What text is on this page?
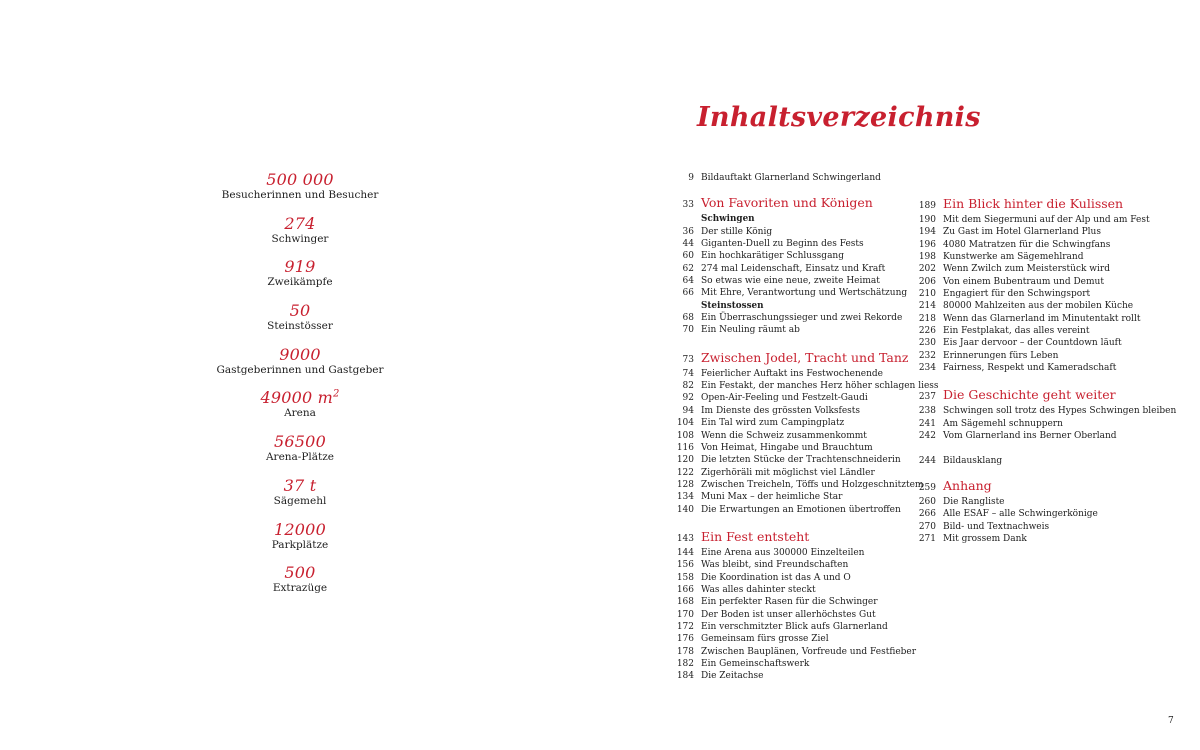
500 000
Besucherinnen und Besucher
274
Schwinger
919
Zweikämpfe
50
Steinstösser
9000
Gastgeberinnen und Gastgeber
49000 $m^2$
Arena
56500
Arena-Plätze
37 t
Sägemehl
12000
Parkplätze
500
Extrazüge
Inhaltsverzeichnis
9 Bildauftakt Glarnerland Schwingerland
33 Von Favoriten und Königen
Schwingen
36 Der stille König
44 Giganten-Duell zu Beginn des Fests
60 Ein hochkarätiger Schlussgang
62 274 mal Leidenschaft, Einsatz und Kraft
64 So etwas wie eine neue, zweite Heimat
66 Mit Ehre, Verantwortung und Wertschätzung
Steinstossen
68 Ein Überraschungssieger und zwei Rekorde
70 Ein Neuling räumt ab
73 Zwischen Jodel, Tracht und Tanz
74 Feierlicher Auftakt ins Festwochenende
82 Ein Festakt, der manches Herz höher schlagen liess
92 Open-Air-Feeling und Festzelt-Gaudi
94 Im Dienste des grössten Volksfests
104 Ein Tal wird zum Campingplatz
108 Wenn die Schweiz zusammenkommt
116 Von Heimat, Hingabe und Brauchtum
120 Die letzten Stücke der Trachtenschneiderin
122 Zigerhöräli mit möglichst viel Ländler
128 Zwischen Treicheln, Töffs und Holzgeschnitztem
134 Muni Max – der heimliche Star
140 Die Erwartungen an Emotionen übertroffen
143 Ein Fest entsteht
144 Eine Arena aus 300000 Einzelteilen
156 Was bleibt, sind Freundschaften
158 Die Koordination ist das A und O
166 Was alles dahinter steckt
168 Ein perfekter Rasen für die Schwinger
170 Der Boden ist unser allerhöchstes Gut
172 Ein verschmitzter Blick aufs Glarnerland
176 Gemeinsam fürs grosse Ziel
178 Zwischen Bauplänen, Vorfreude und Festfieber
182 Ein Gemeinschaftswerk
184 Die Zeitachse
189 Ein Blick hinter die Kulissen
190 Mit dem Siegermuni auf der Alp und am Fest
194 Zu Gast im Hotel Glarnerland Plus
196 4080 Matratzen für die Schwingfans
198 Kunstwerke am Sägemehlrand
202 Wenn Zwilch zum Meisterstück wird
206 Von einem Bubentraum und Demut
210 Engagiert für den Schwingsport
214 80000 Mahlzeiten aus der mobilen Küche
218 Wenn das Glarnerland im Minutentakt rollt
226 Ein Festplakat, das alles vereint
230 Eis Jaar dervoor – der Countdown läuft
232 Erinnerungen fürs Leben
234 Fairness, Respekt und Kameradschaft
237 Die Geschichte geht weiter
238 Schwingen soll trotz des Hypes Schwingen bleiben
241 Am Sägemehl schnuppern
242 Vom Glarnerland ins Berner Oberland
244 Bildausklang
259 Anhang
260 Die Rangliste
266 Alle ESAF – alle Schwingerkönige
270 Bild- und Textnachweis
271 Mit grossem Dank
7
